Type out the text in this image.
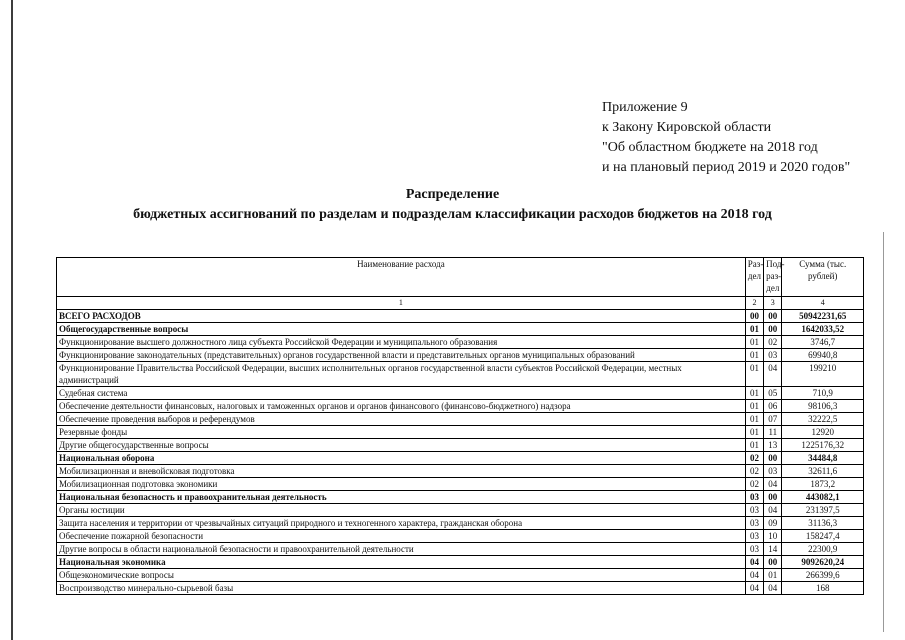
Приложение 9
к Закону Кировской области
"Об областном бюджете на 2018 год
и на плановый период 2019 и 2020 годов"
Распределение
бюджетных ассигнований по разделам и подразделам классификации расходов бюджетов на 2018 год
Наименование расхода	Раз-дел	Под-раз-дел	Сумма (тыс. рублей)
1	2	3	4
ВСЕГО РАСХОДОВ	00	00	50942231,65
Общегосударственные вопросы	01	00	1642033,52
Функционирование высшего должностного лица субъекта Российской Федерации и муниципального образования	01	02	3746,7
Функционирование законодательных (представительных) органов государственной власти и представительных органов муниципальных образований	01	03	69940,8
Функционирование Правительства Российской Федерации, высших исполнительных органов государственной власти субъектов Российской Федерации, местных администраций	01	04	199210
Судебная система	01	05	710,9
Обеспечение деятельности финансовых, налоговых и таможенных органов и органов финансового (финансово-бюджетного) надзора	01	06	98106,3
Обеспечение проведения выборов и референдумов	01	07	32222,5
Резервные фонды	01	11	12920
Другие общегосударственные вопросы	01	13	1225176,32
Национальная оборона	02	00	34484,8
Мобилизационная и вневойсковая подготовка	02	03	32611,6
Мобилизационная подготовка экономики	02	04	1873,2
Национальная безопасность и правоохранительная деятельность	03	00	443082,1
Органы юстиции	03	04	231397,5
Защита населения и территории от чрезвычайных ситуаций природного и техногенного характера, гражданская оборона	03	09	31136,3
Обеспечение пожарной безопасности	03	10	158247,4
Другие вопросы в области национальной безопасности и правоохранительной деятельности	03	14	22300,9
Национальная экономика	04	00	9092620,24
Общеэкономические вопросы	04	01	266399,6
Воспроизводство минерально-сырьевой базы	04	04	168
